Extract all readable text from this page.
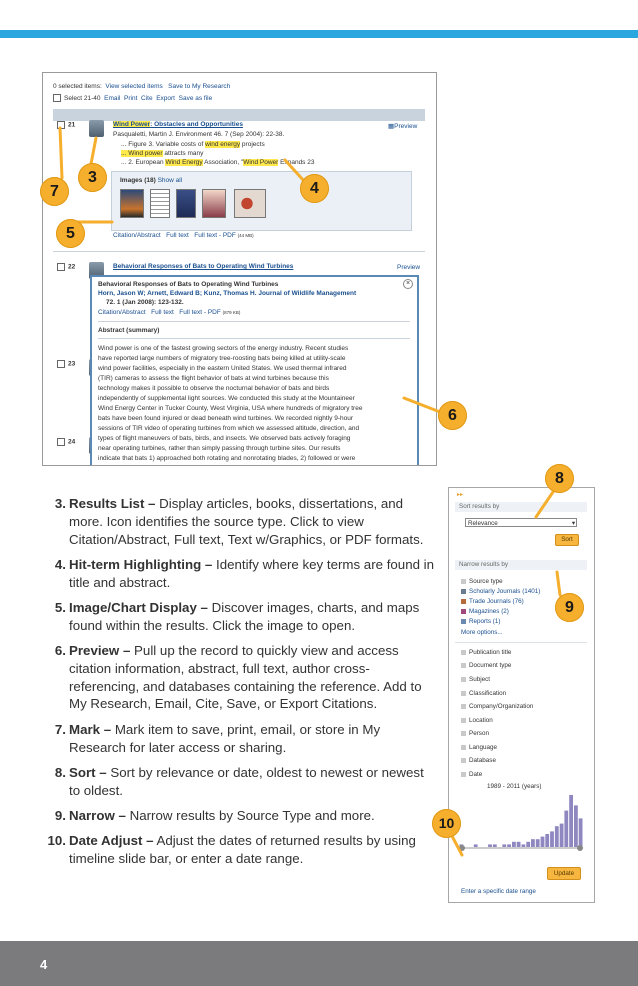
0 selected items: View selected items Save to My Research
Select 21-40 Email Print Cite Export Save as file
21	Wind Power: Obstacles and Opportunities	▦Preview
Pasqualetti, Martin J. Environment 46. 7 (Sep 2004): 22-38.
... Figure 3. Variable costs of wind energy projects
... Wind power attracts many
... 2. European Wind Energy Association, "Wind Power Expands 23
Images (18) Show all
Citation/Abstract Full text Full text - PDF (44 MB)
22	Behavioral Responses of Bats to Operating Wind Turbines	Preview
23
24
×
Behavioral Responses of Bats to Operating Wind Turbines
Horn, Jason W; Arnett, Edward B; Kunz, Thomas H. Journal of Wildlife Management
72. 1 (Jan 2008): 123-132.
Citation/Abstract Full text Full text - PDF (879 KB)
Abstract (summary)
Wind power is one of the fastest growing sectors of the energy industry. Recent studies
have reported large numbers of migratory tree-roosting bats being killed at utility-scale
wind power facilities, especially in the eastern United States. We used thermal infrared
(TIR) cameras to assess the flight behavior of bats at wind turbines because this
technology makes it possible to observe the nocturnal behavior of bats and birds
independently of supplemental light sources. We conducted this study at the Mountaineer
Wind Energy Center in Tucker County, West Virginia, USA where hundreds of migratory tree
bats have been found injured or dead beneath wind turbines. We recorded nightly 9-hour
sessions of TIR video of operating turbines from which we assessed altitude, direction, and
types of flight maneuvers of bats, birds, and insects. We observed bats actively foraging
near operating turbines, rather than simply passing through turbine sites. Our results
indicate that bats 1) approached both rotating and nonrotating blades, 2) followed or were
▸▸
Sort results by
Relevance	▾
Sort
Narrow results by
Source type
Scholarly Journals (1401)
Trade Journals (76)
Magazines (2)
Reports (1)
More options...
Publication title
Document type
Subject
Classification
Company/Organization
Location
Person
Language
Database
Date
1989 - 2011 (years)
Update
Enter a specific date range
3
4
5
6
7
8
9
10
3. Results List – Display articles, books, dissertations, and more. Icon identifies the source type. Click to view Citation/Abstract, Full text, Text w/Graphics, or PDF formats.
4. Hit-term Highlighting – Identify where key terms are found in title and abstract.
5. Image/Chart Display – Discover images, charts, and maps found within the results. Click the image to open.
6. Preview – Pull up the record to quickly view and access citation information, abstract, full text, author cross-referencing, and databases containing the reference. Add to My Research, Email, Cite, Save, or Export Citations.
7. Mark – Mark item to save, print, email, or store in My Research for later access or sharing.
8. Sort – Sort by relevance or date, oldest to newest or newest to oldest.
9. Narrow – Narrow results by Source Type and more.
10. Date Adjust – Adjust the dates of returned results by using timeline slide bar, or enter a date range.
4
